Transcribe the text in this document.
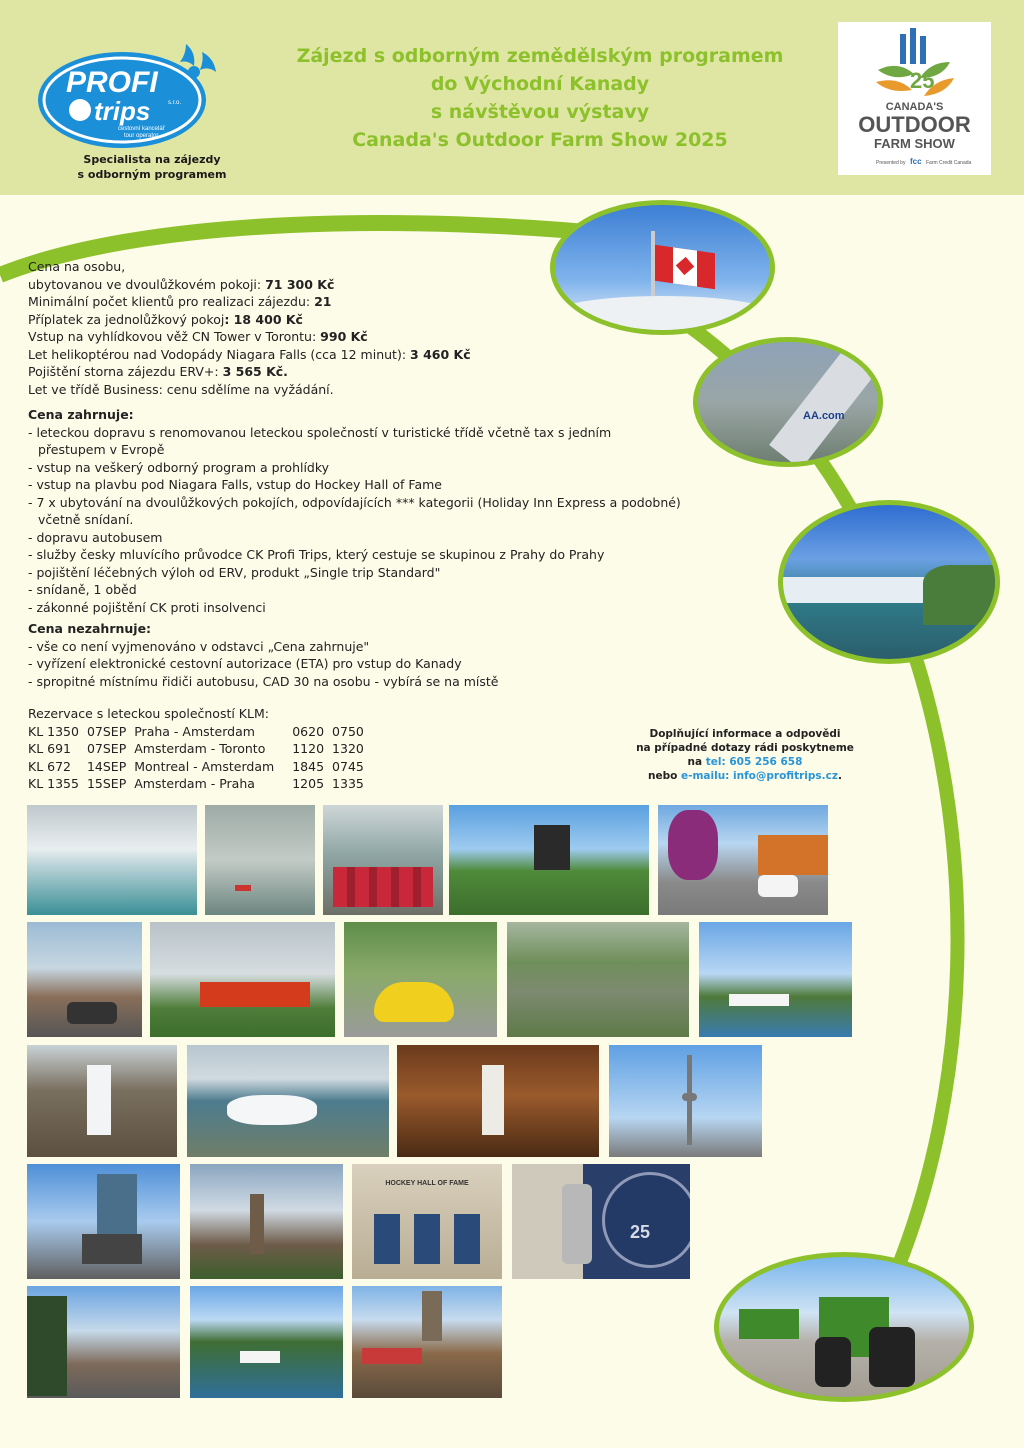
PROFI
trips	s.r.o.
cestovní kancelář
tour operator
Specialista na zájezdy
s odborným programem
Zájezd s odborným zemědělským programem
do Východní Kanady
s návštěvou výstavy
Canada's Outdoor Farm Show 2025
25
CANADA'S
OUTDOOR
FARM SHOW
Presented by fcc Farm Credit Canada
AA.com
Cena na osobu,
ubytovanou ve dvoulůžkovém pokoji: 71 300 Kč
Minimální počet klientů pro realizaci zájezdu: 21
Příplatek za jednolůžkový pokoj: 18 400 Kč
Vstup na vyhlídkovou věž CN Tower v Torontu: 990 Kč
Let helikoptérou nad Vodopády Niagara Falls (cca 12 minut): 3 460 Kč
Pojištění storna zájezdu ERV+: 3 565 Kč.
Let ve třídě Business: cenu sdělíme na vyžádání.
Cena zahrnuje:
- leteckou dopravu s renomovanou leteckou společností v turistické třídě včetně tax s jedním
přestupem v Evropě
- vstup na veškerý odborný program a prohlídky
- vstup na plavbu pod Niagara Falls, vstup do Hockey Hall of Fame
- 7 x ubytování na dvoulůžkových pokojích, odpovídajících *** kategorii (Holiday Inn Express a podobné)
včetně snídaní.
- dopravu autobusem
- služby česky mluvícího průvodce CK Profi Trips, který cestuje se skupinou z Prahy do Prahy
- pojištění léčebných výloh od ERV, produkt „Single trip Standard"
- snídaně, 1 oběd
- zákonné pojištění CK proti insolvenci
Cena nezahrnuje:
- vše co není vyjmenováno v odstavci „Cena zahrnuje"
- vyřízení elektronické cestovní autorizace (ETA) pro vstup do Kanady
- spropitné místnímu řidiči autobusu, CAD 30 na osobu - vybírá se na místě
Rezervace s leteckou společností KLM:
KL 1350	07SEP	Praha - Amsterdam	0620	0750
KL 691	07SEP	Amsterdam - Toronto	1120	1320
KL 672	14SEP	Montreal - Amsterdam	1845	0745
KL 1355	15SEP	Amsterdam - Praha	1205	1335
Doplňující informace a odpovědi
na případné dotazy rádi poskytneme
na tel: 605 256 658
nebo e-mailu: info@profitrips.cz.
HOCKEY HALL OF FAME
25
